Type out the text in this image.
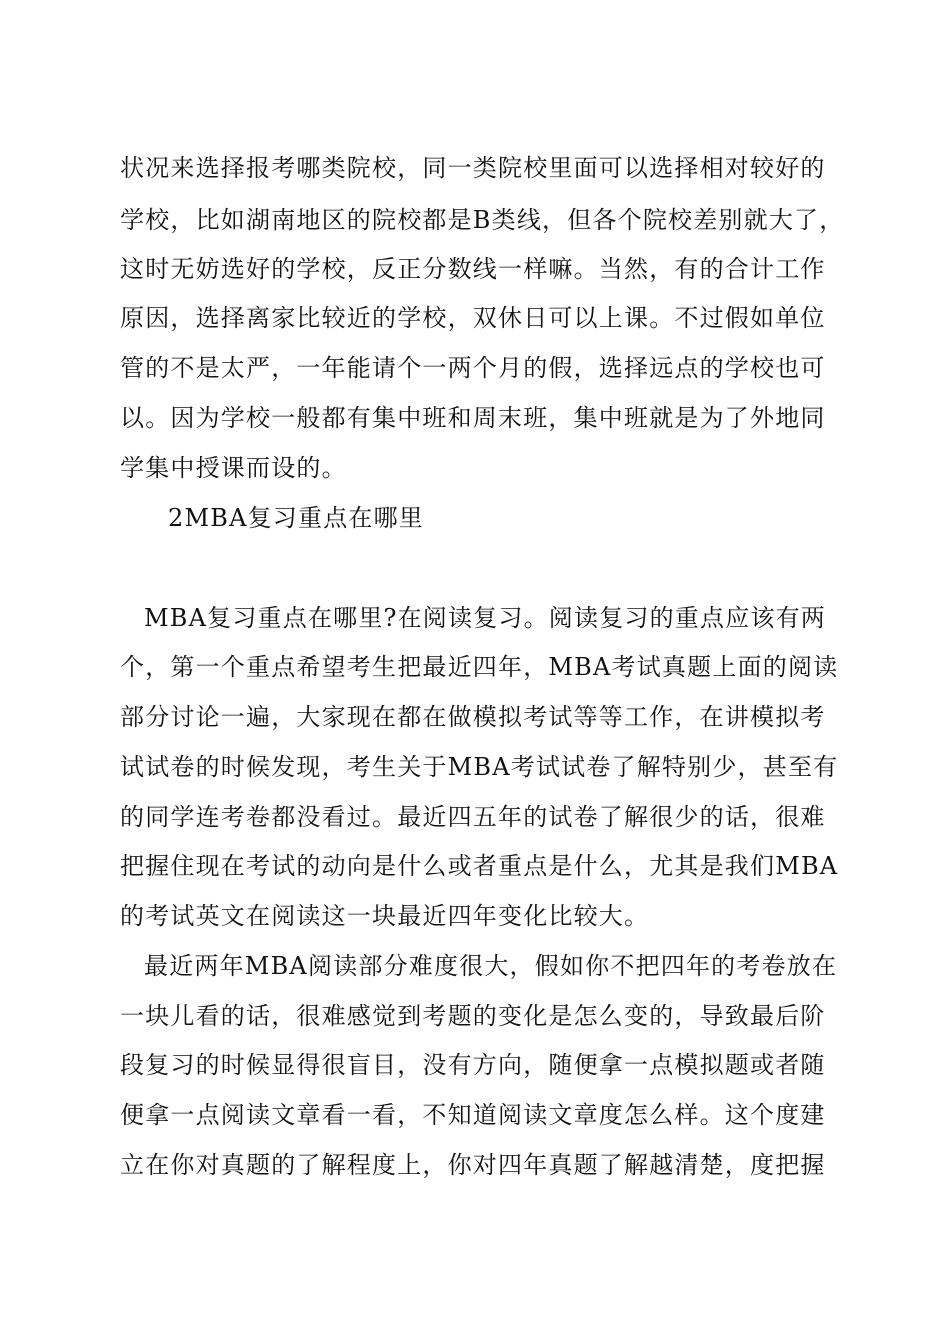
状况来选择报考哪类院校，同一类院校里面可以选择相对较好的
学校，比如湖南地区的院校都是B类线，但各个院校差别就大了，
这时无妨选好的学校，反正分数线一样嘛。当然，有的合计工作
原因，选择离家比较近的学校，双休日可以上课。不过假如单位
管的不是太严，一年能请个一两个月的假，选择远点的学校也可
以。因为学校一般都有集中班和周末班，集中班就是为了外地同
学集中授课而设的。
2MBA复习重点在哪里
MBA复习重点在哪里?在阅读复习。阅读复习的重点应该有两
个，第一个重点希望考生把最近四年，MBA考试真题上面的阅读
部分讨论一遍，大家现在都在做模拟考试等等工作，在讲模拟考
试试卷的时候发现，考生关于MBA考试试卷了解特别少，甚至有
的同学连考卷都没看过。最近四五年的试卷了解很少的话，很难
把握住现在考试的动向是什么或者重点是什么，尤其是我们MBA
的考试英文在阅读这一块最近四年变化比较大。
最近两年MBA阅读部分难度很大，假如你不把四年的考卷放在
一块儿看的话，很难感觉到考题的变化是怎么变的，导致最后阶
段复习的时候显得很盲目，没有方向，随便拿一点模拟题或者随
便拿一点阅读文章看一看，不知道阅读文章度怎么样。这个度建
立在你对真题的了解程度上，你对四年真题了解越清楚，度把握
